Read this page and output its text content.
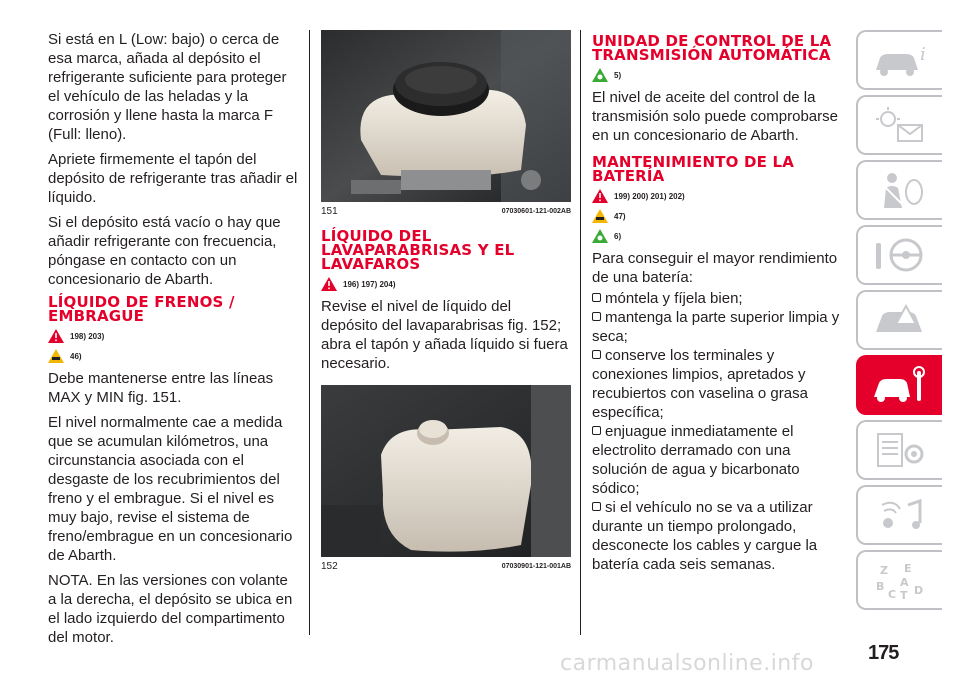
Si está en L (Low: bajo) o cerca de esa marca, añada al depósito el refrigerante suficiente para proteger el vehículo de las heladas y la corrosión y llene hasta la marca F (Full: lleno).

Apriete firmemente el tapón del depósito de refrigerante tras añadir el líquido.

Si el depósito está vacío o hay que añadir refrigerante con frecuencia, póngase en contacto con un concesionario de Abarth.

LÍQUIDO DE FRENOS / EMBRAGUE
198) 203)
46)

Debe mantenerse entre las líneas MAX y MIN fig. 151.

El nivel normalmente cae a medida que se acumulan kilómetros, una circunstancia asociada con el desgaste de los recubrimientos del freno y el embrague. Si el nivel es muy bajo, revise el sistema de freno/embrague en un concesionario de Abarth.

NOTA. En las versiones con volante a la derecha, el depósito se ubica en el lado izquierdo del compartimento del motor.

151	07030601-121-002AB
LÍQUIDO DEL LAVAPARABRISAS Y EL LAVAFAROS
196) 197) 204)

Revise el nivel de líquido del depósito del lavaparabrisas fig. 152; abra el tapón y añada líquido si fuera necesario.

152	07030901-121-001AB
UNIDAD DE CONTROL DE LA TRANSMISIÓN AUTOMÁTICA
5)

El nivel de aceite del control de la transmisión solo puede comprobarse en un concesionario de Abarth.

MANTENIMIENTO DE LA BATERÍA
199) 200) 201) 202)
47)
6)

Para conseguir el mayor rendimiento de una batería:

móntela y fíjela bien;

mantenga la parte superior limpia y seca;

conserve los terminales y conexiones limpios, apretados y recubiertos con vaselina o grasa específica;

enjuague inmediatamente el electrolito derramado con una solución de agua y bicarbonato sódico;

si el vehículo no se va a utilizar durante un tiempo prolongado, desconecte los cables y cargue la batería cada seis semanas.

i
Z E
B A
C T D
175
carmanualsonline.info
